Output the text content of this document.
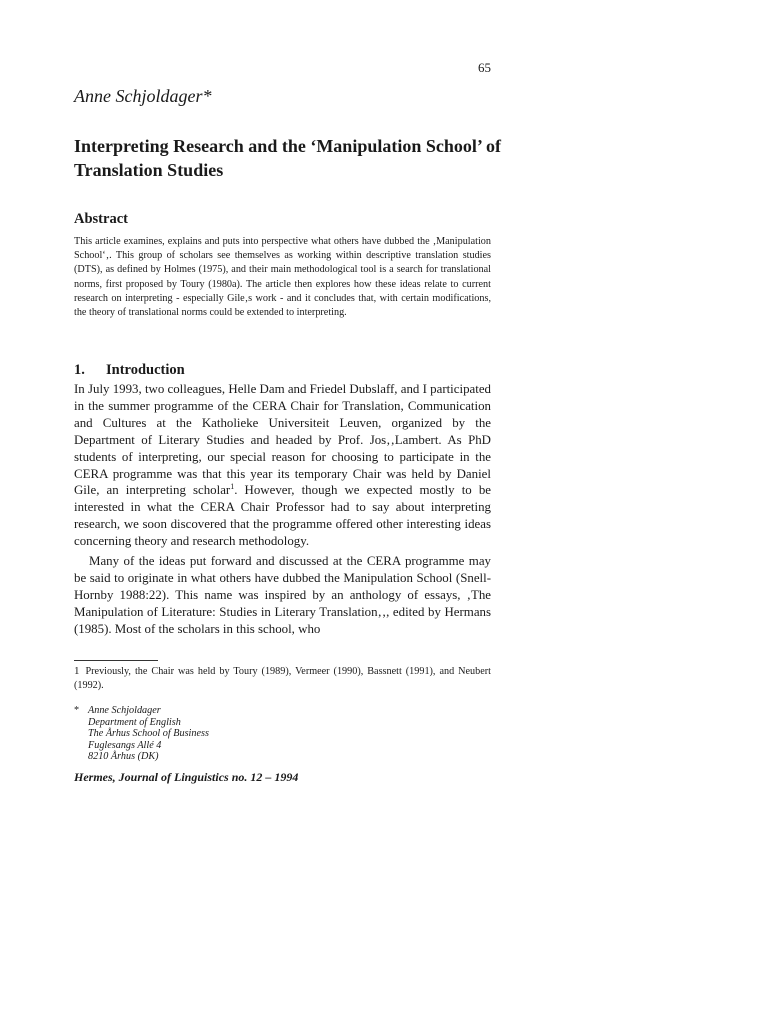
65
Anne Schjoldager*
Interpreting Research and the ‘Manipulation School’ of Translation Studies
Abstract
This article examines, explains and puts into perspective what others have dubbed the ‚Manipulation School‘‚. This group of scholars see themselves as working within descriptive translation studies (DTS), as defined by Holmes (1975), and their main methodological tool is a search for translational norms, first proposed by Toury (1980a). The article then explores how these ideas relate to current research on interpreting - especially Gile‚s work - and it concludes that, with certain modifications, the theory of translational norms could be extended to interpreting.
1. Introduction

In July 1993, two colleagues, Helle Dam and Friedel Dubslaff, and I participated in the summer programme of the CERA Chair for Translation, Communication and Cultures at the Katholieke Universiteit Leuven, organized by the Department of Literary Studies and headed by Prof. Jos‚‚Lambert. As PhD students of interpreting, our special reason for choosing to participate in the CERA programme was that this year its temporary Chair was held by Daniel Gile, an interpreting scholar$^1$. However, though we expected mostly to be interested in what the CERA Chair Professor had to say about interpreting research, we soon discovered that the programme offered other interesting ideas concerning theory and research methodology.

Many of the ideas put forward and discussed at the CERA programme may be said to originate in what others have dubbed the Manipulation School (Snell-Hornby 1988:22). This name was inspired by an anthology of essays, ‚The Manipulation of Literature: Studies in Literary Translation‚‚, edited by Hermans (1985). Most of the scholars in this school, who

1 Previously, the Chair was held by Toury (1989), Vermeer (1990), Bassnett (1991), and Neubert (1992).
* Anne Schjoldager
Department of English
The Århus School of Business
Fuglesangs Allé 4
8210 Århus (DK)
Hermes, Journal of Linguistics no. 12 – 1994
